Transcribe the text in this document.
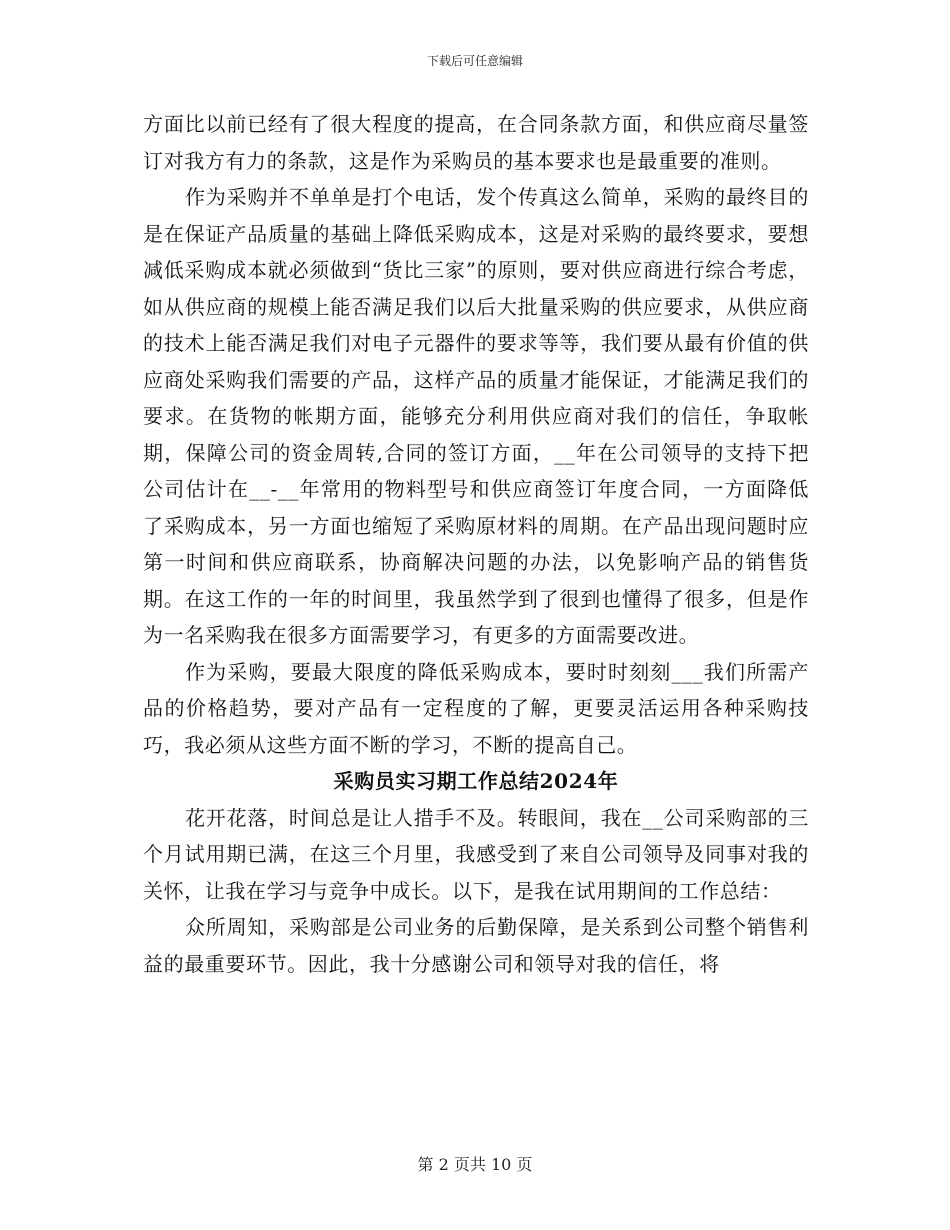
下载后可任意编辑

方面比以前已经有了很大程度的提高，在合同条款方面，和供应商尽量签订对我方有力的条款，这是作为采购员的基本要求也是最重要的准则。

作为采购并不单单是打个电话，发个传真这么简单，采购的最终目的是在保证产品质量的基础上降低采购成本，这是对采购的最终要求，要想减低采购成本就必须做到“货比三家”的原则，要对供应商进行综合考虑，如从供应商的规模上能否满足我们以后大批量采购的供应要求，从供应商的技术上能否满足我们对电子元器件的要求等等，我们要从最有价值的供应商处采购我们需要的产品，这样产品的质量才能保证，才能满足我们的要求。在货物的帐期方面，能够充分利用供应商对我们的信任，争取帐期，保障公司的资金周转,合同的签订方面，__年在公司领导的支持下把公司估计在__-__年常用的物料型号和供应商签订年度合同，一方面降低了采购成本，另一方面也缩短了采购原材料的周期。在产品出现问题时应第一时间和供应商联系，协商解决问题的办法，以免影响产品的销售货期。在这工作的一年的时间里，我虽然学到了很到也懂得了很多，但是作为一名采购我在很多方面需要学习，有更多的方面需要改进。

作为采购，要最大限度的降低采购成本，要时时刻刻___我们所需产品的价格趋势，要对产品有一定程度的了解，更要灵活运用各种采购技巧，我必须从这些方面不断的学习，不断的提高自己。

采购员实习期工作总结2024年

花开花落，时间总是让人措手不及。转眼间，我在__公司采购部的三个月试用期已满，在这三个月里，我感受到了来自公司领导及同事对我的关怀，让我在学习与竞争中成长。以下，是我在试用期间的工作总结：

众所周知，采购部是公司业务的后勤保障，是关系到公司整个销售利益的最重要环节。因此，我十分感谢公司和领导对我的信任，将

第 2 页共 10 页
